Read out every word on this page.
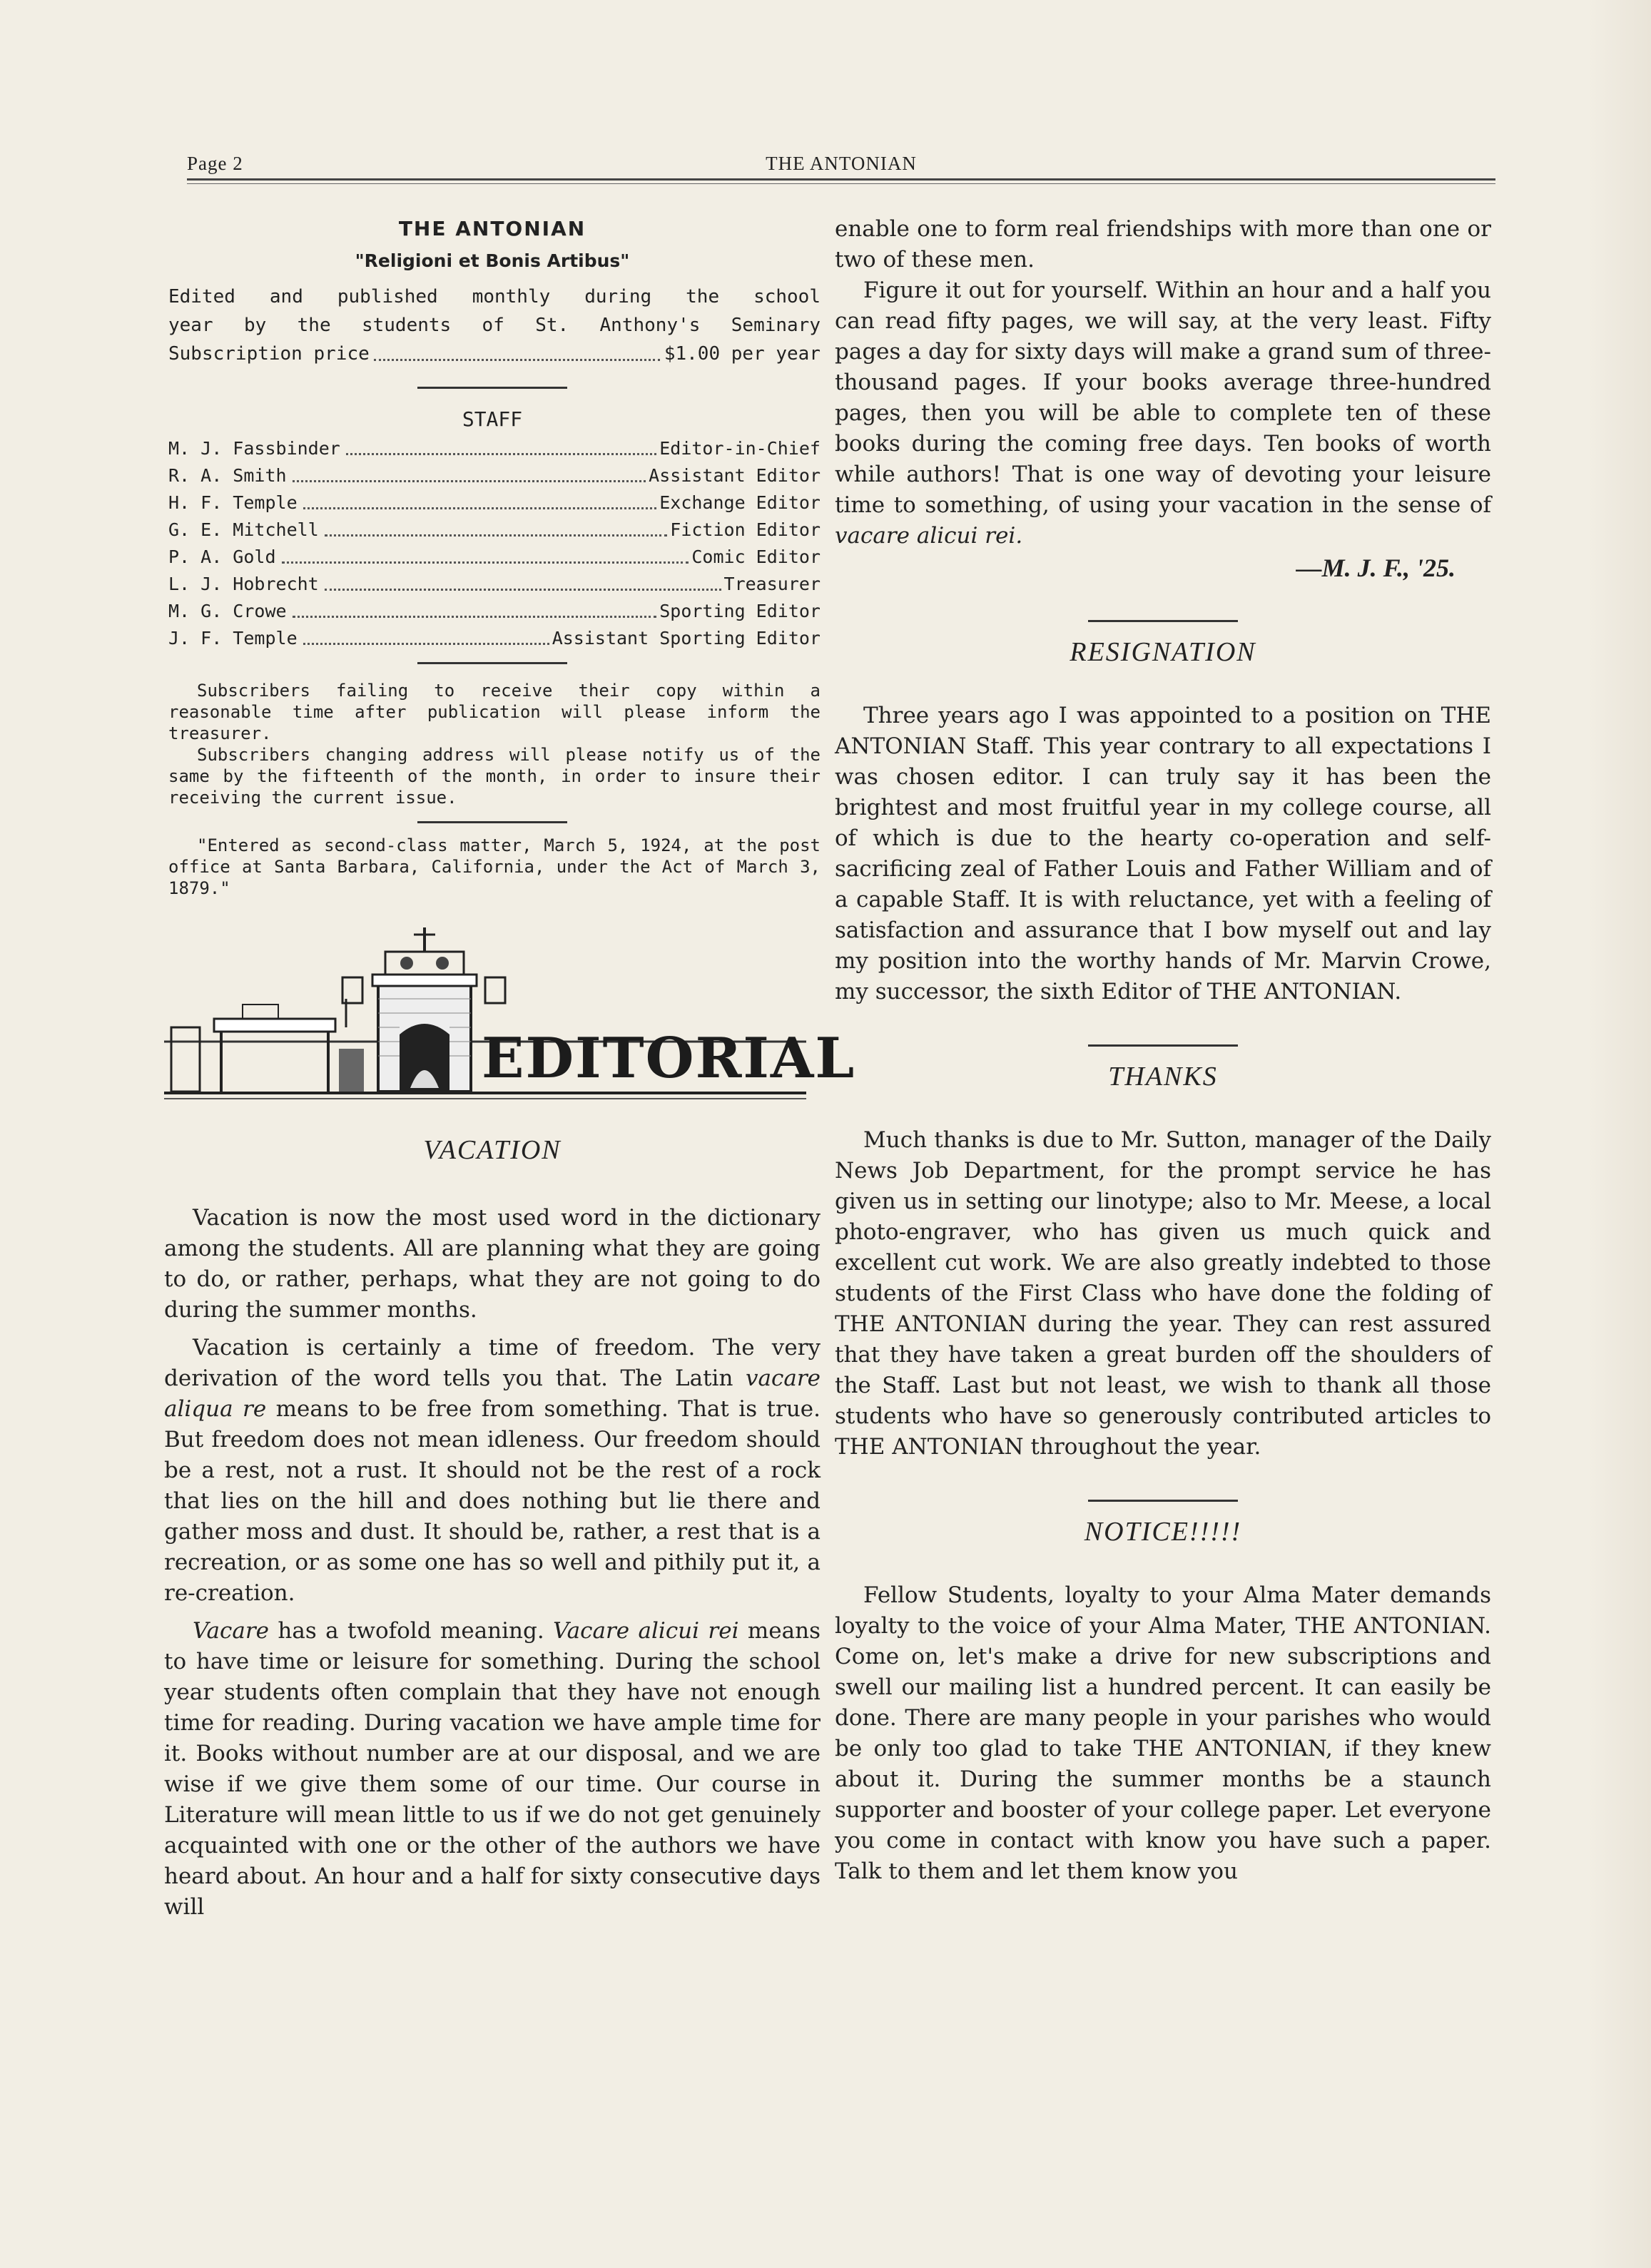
Page 2	THE ANTONIAN
THE ANTONIAN
"Religioni et Bonis Artibus"
Edited and published monthly during the school
year by the students of St. Anthony's Seminary
Subscription price	$1.00 per year
STAFF
M. J. Fassbinder	Editor-in-Chief
R. A. Smith	Assistant Editor
H. F. Temple	Exchange Editor
G. E. Mitchell	Fiction Editor
P. A. Gold	Comic Editor
L. J. Hobrecht	Treasurer
M. G. Crowe	Sporting Editor
J. F. Temple	Assistant Sporting Editor

Subscribers failing to receive their copy within a reasonable time after publication will please inform the treasurer.

Subscribers changing address will please notify us of the same by the fifteenth of the month, in order to insure their receiving the current issue.

"Entered as second-class matter, March 5, 1924, at the post office at Santa Barbara, California, under the Act of March 3, 1879."

EDITORIAL
VACATION

Vacation is now the most used word in the dictionary among the students. All are planning what they are going to do, or rather, perhaps, what they are not going to do during the summer months.

Vacation is certainly a time of freedom. The very derivation of the word tells you that. The Latin vacare aliqua re means to be free from something. That is true. But freedom does not mean idleness. Our freedom should be a rest, not a rust. It should not be the rest of a rock that lies on the hill and does nothing but lie there and gather moss and dust. It should be, rather, a rest that is a recreation, or as some one has so well and pithily put it, a re-creation.

Vacare has a twofold meaning. Vacare alicui rei means to have time or leisure for something. During the school year students often complain that they have not enough time for reading. During vacation we have ample time for it. Books without number are at our disposal, and we are wise if we give them some of our time. Our course in Literature will mean little to us if we do not get genuinely acquainted with one or the other of the authors we have heard about. An hour and a half for sixty consecutive days will

enable one to form real friendships with more than one or two of these men.

Figure it out for yourself. Within an hour and a half you can read fifty pages, we will say, at the very least. Fifty pages a day for sixty days will make a grand sum of three-thousand pages. If your books average three-hundred pages, then you will be able to complete ten of these books during the coming free days. Ten books of worth while authors! That is one way of devoting your leisure time to something, of using your vacation in the sense of vacare alicui rei.

—M. J. F., '25.
RESIGNATION

Three years ago I was appointed to a position on THE ANTONIAN Staff. This year contrary to all expectations I was chosen editor. I can truly say it has been the brightest and most fruitful year in my college course, all of which is due to the hearty co-operation and self-sacrificing zeal of Father Louis and Father William and of a capable Staff. It is with reluctance, yet with a feeling of satisfaction and assurance that I bow myself out and lay my position into the worthy hands of Mr. Marvin Crowe, my successor, the sixth Editor of THE ANTONIAN.

THANKS

Much thanks is due to Mr. Sutton, manager of the Daily News Job Department, for the prompt service he has given us in setting our linotype; also to Mr. Meese, a local photo-engraver, who has given us much quick and excellent cut work. We are also greatly indebted to those students of the First Class who have done the folding of THE ANTONIAN during the year. They can rest assured that they have taken a great burden off the shoulders of the Staff. Last but not least, we wish to thank all those students who have so generously contributed articles to THE ANTONIAN throughout the year.

NOTICE!!!!!

Fellow Students, loyalty to your Alma Mater demands loyalty to the voice of your Alma Mater, THE ANTONIAN. Come on, let's make a drive for new subscriptions and swell our mailing list a hundred percent. It can easily be done. There are many people in your parishes who would be only too glad to take THE ANTONIAN, if they knew about it. During the summer months be a staunch supporter and booster of your college paper. Let everyone you come in contact with know you have such a paper. Talk to them and let them know you
